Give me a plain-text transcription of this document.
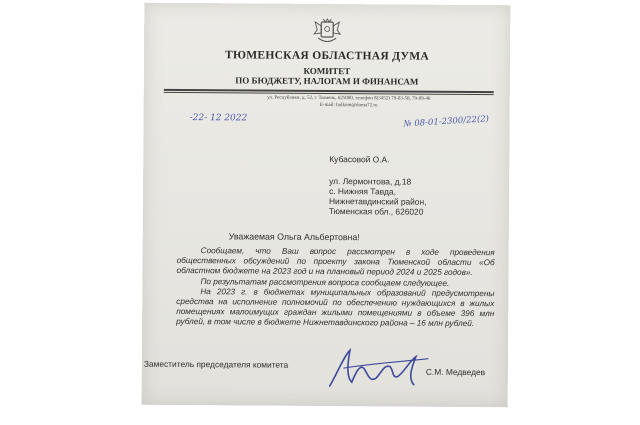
ТЮМЕНСКАЯ ОБЛАСТНАЯ ДУМА
КОМИТЕТ
ПО БЮДЖЕТУ, НАЛОГАМ И ФИНАНСАМ
ул. Республики, д. 52, г. Тюмень, 625000, телефон 8(3452) 79-03-50, 79-09-46
E-mail: bulkom@duma72.ru
-22- 12 2022	№ 08-01-2300/22(2)
Кубасовой О.А.
ул. Лермонтова, д.18
с. Нижняя Тавда,
Нижнетавдинский район,
Тюменская обл., 626020
Уважаемая Ольга Альбертовна!

Сообщаем, что Ваш вопрос рассмотрен в ходе проведения общественных обсуждений по проекту закона Тюменской области «Об областном бюджете на 2023 год и на плановый период 2024 и 2025 годов».

По результатам рассмотрения вопроса сообщаем следующее.

На 2023 г. в бюджетах муниципальных образований предусмотрены средства на исполнение полномочий по обеспечению нуждающихся в жилых помещениях малоимущих граждан жилыми помещениями в объеме 396 млн рублей, в том числе в бюджете Нижнетавдинского района – 16 млн рублей.

Заместитель председателя комитета
С.М. Медведев
